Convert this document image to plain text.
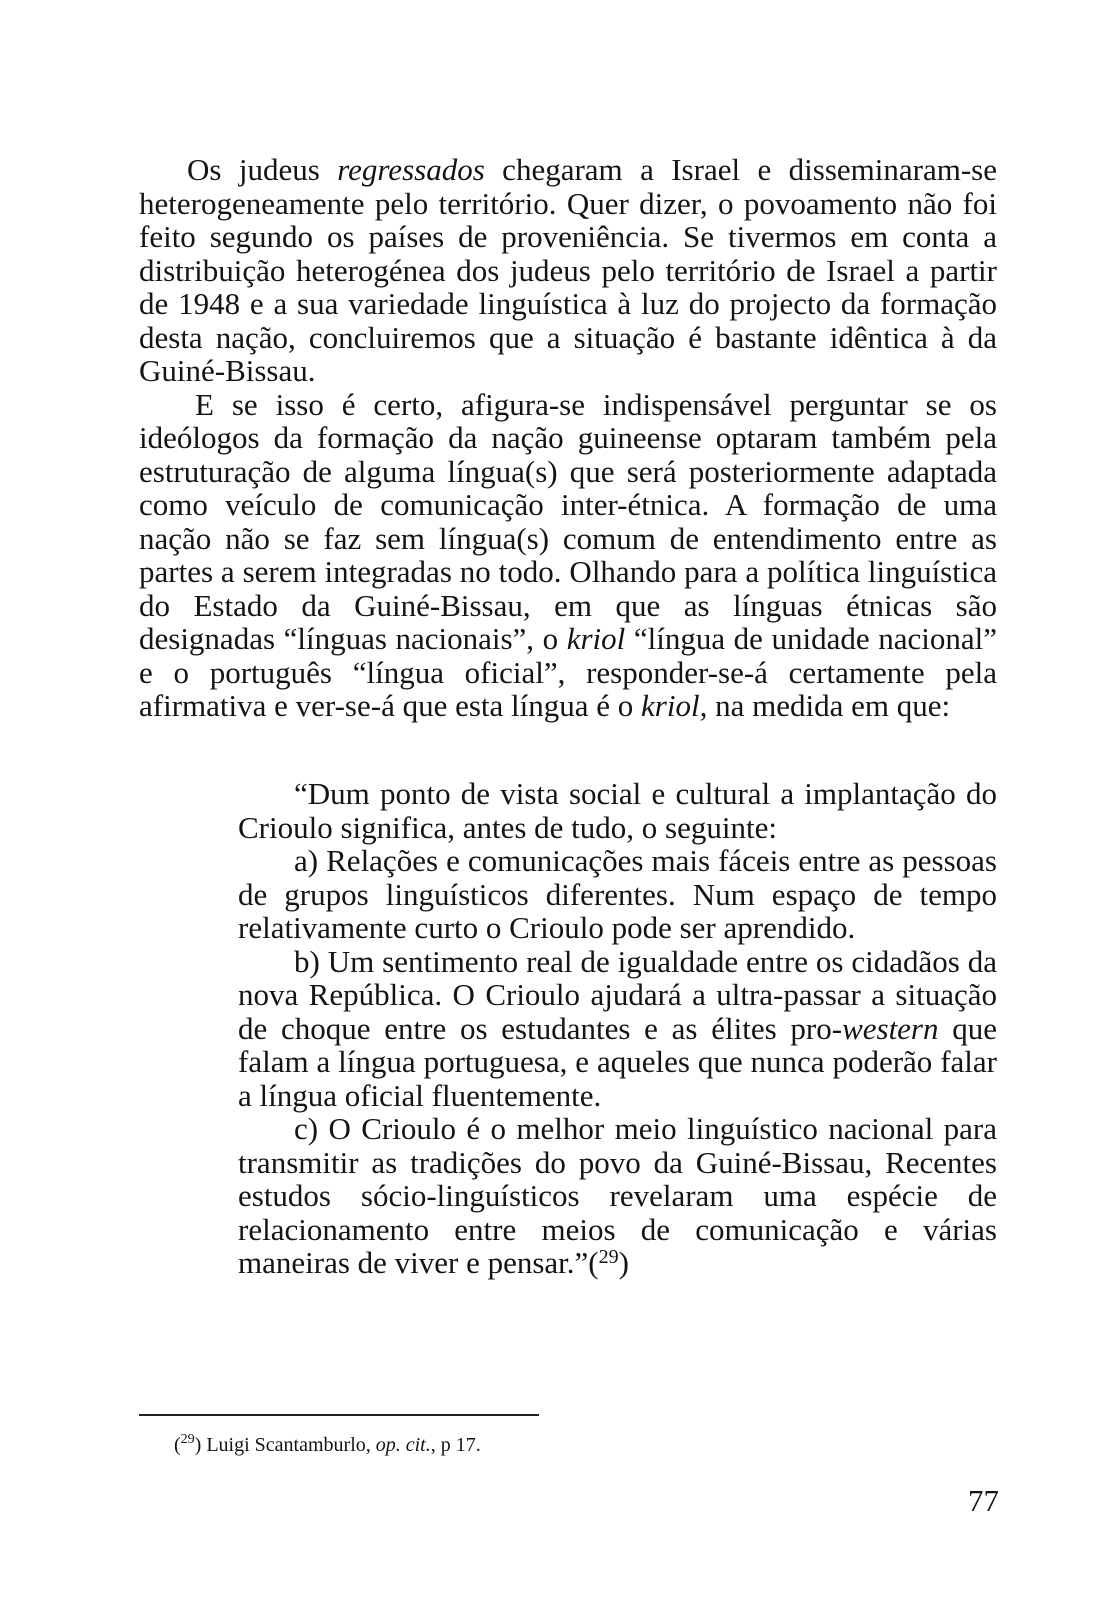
Os judeus regressados chegaram a Israel e disseminaram-se heterogeneamente pelo território. Quer dizer, o povoamento não foi feito segundo os países de proveniência. Se tivermos em conta a distribuição heterogénea dos judeus pelo território de Israel a partir de 1948 e a sua variedade linguística à luz do projecto da formação desta nação, concluiremos que a situação é bastante idêntica à da Guiné-Bissau.

E se isso é certo, afigura-se indispensável perguntar se os ideólogos da formação da nação guineense optaram também pela estruturação de alguma língua(s) que será posteriormente adaptada como veículo de comunicação inter-étnica. A formação de uma nação não se faz sem língua(s) comum de entendimento entre as partes a serem integradas no todo. Olhando para a política linguística do Estado da Guiné-Bissau, em que as línguas étnicas são designadas “línguas nacionais”, o kriol “língua de unidade nacional” e o português “língua oficial”, responder-se-á certamente pela afirmativa e ver-se-á que esta língua é o kriol, na medida em que:

“Dum ponto de vista social e cultural a implantação do Crioulo significa, antes de tudo, o seguinte:

a) Relações e comunicações mais fáceis entre as pessoas de grupos linguísticos diferentes. Num espaço de tempo relativamente curto o Crioulo pode ser aprendido.

b) Um sentimento real de igualdade entre os cidadãos da nova República. O Crioulo ajudará a ultra-passar a situação de choque entre os estudantes e as élites pro-western que falam a língua portuguesa, e aqueles que nunca poderão falar a língua oficial fluentemente.

c) O Crioulo é o melhor meio linguístico nacional para transmitir as tradições do povo da Guiné-Bissau, Recentes estudos sócio-linguísticos revelaram uma espécie de relacionamento entre meios de comunicação e várias maneiras de viver e pensar.”($^{29}$)

($^{29}$) Luigi Scantamburlo, op. cit., p 17.
77
